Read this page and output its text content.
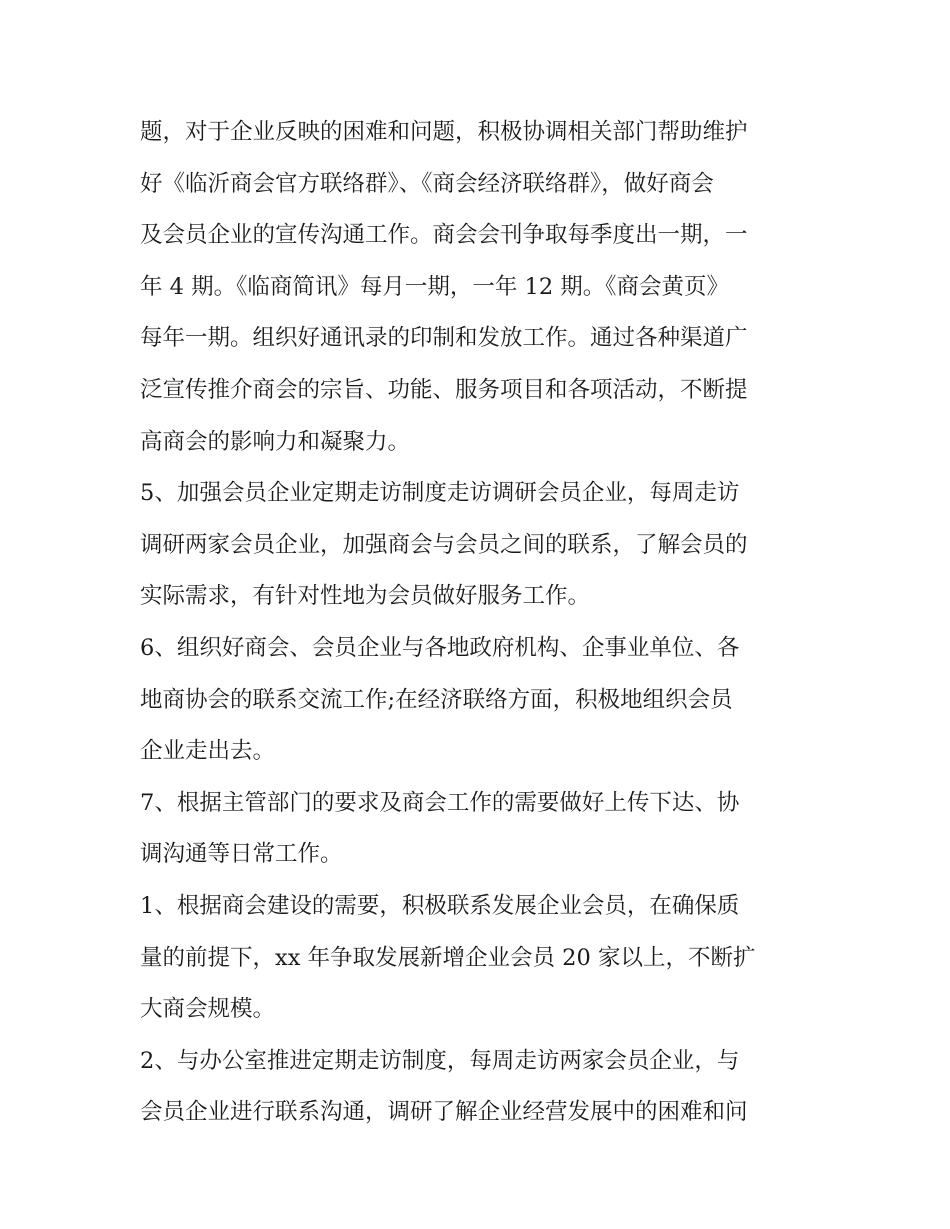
题，对于企业反映的困难和问题，积极协调相关部门帮助维护
好《临沂商会官方联络群》、《商会经济联络群》，做好商会
及会员企业的宣传沟通工作。商会会刊争取每季度出一期，一
年 4 期。《临商简讯》每月一期，一年 12 期。《商会黄页》
每年一期。组织好通讯录的印制和发放工作。通过各种渠道广
泛宣传推介商会的宗旨、功能、服务项目和各项活动，不断提
高商会的影响力和凝聚力。
5、加强会员企业定期走访制度走访调研会员企业，每周走访
调研两家会员企业，加强商会与会员之间的联系，了解会员的
实际需求，有针对性地为会员做好服务工作。
6、组织好商会、会员企业与各地政府机构、企事业单位、各
地商协会的联系交流工作;在经济联络方面，积极地组织会员
企业走出去。
7、根据主管部门的要求及商会工作的需要做好上传下达、协
调沟通等日常工作。
1、根据商会建设的需要，积极联系发展企业会员，在确保质
量的前提下，xx 年争取发展新增企业会员 20 家以上，不断扩
大商会规模。
2、与办公室推进定期走访制度，每周走访两家会员企业，与
会员企业进行联系沟通，调研了解企业经营发展中的困难和问
